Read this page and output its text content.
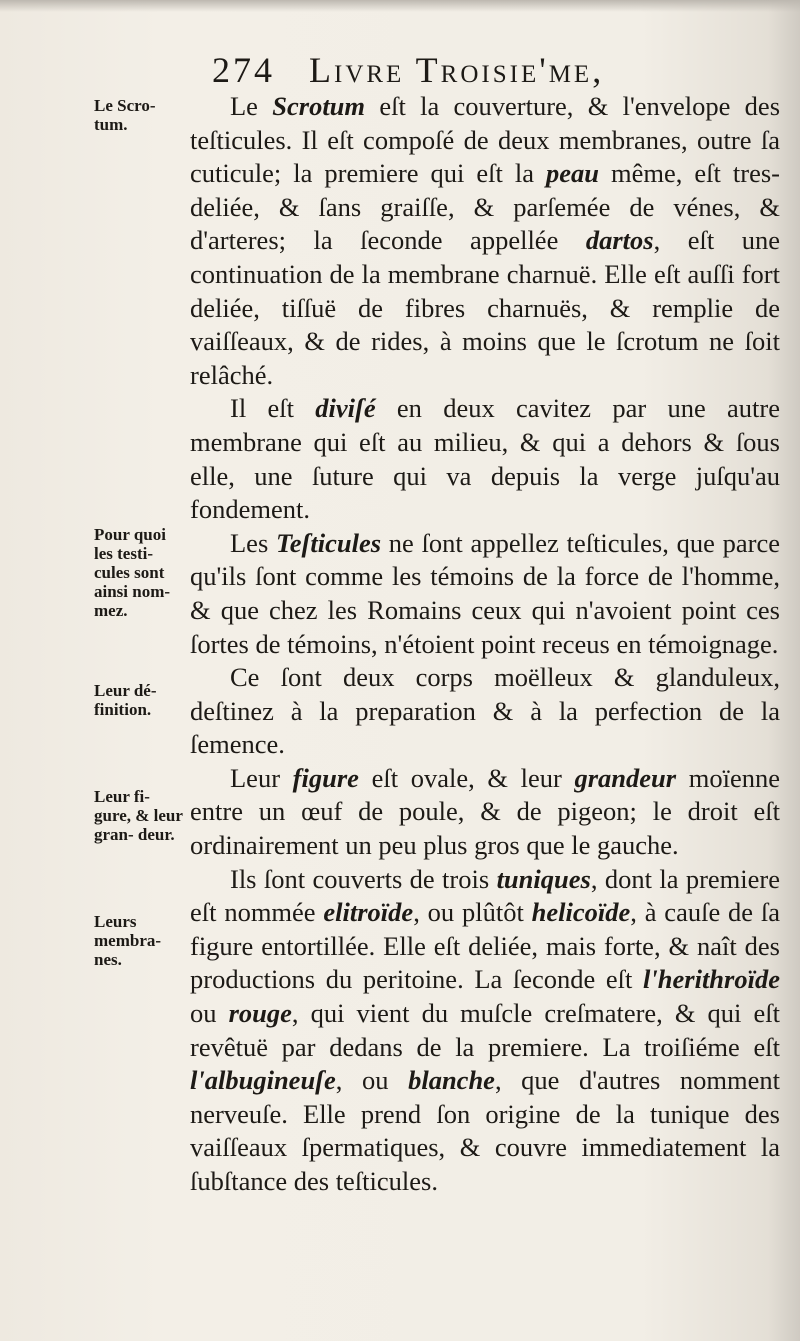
274 Livre Troisie'me,
Le Scro- tum.
Pour quoi les testi- cules sont ainsi nom- mez.
Leur dé- finition.
Leur fi- gure, & leur gran- deur.
Leurs membra- nes.

Le Scrotum eſt la couverture, & l'envelope des teſticules. Il eſt compoſé de deux membranes, outre ſa cuticule; la premiere qui eſt la peau même, eſt tres-deliée, & ſans graiſſe, & parſemée de vénes, & d'arteres; la ſeconde appellée dartos, eſt une continuation de la membrane charnuë. Elle eſt auſſi fort deliée, tiſſuë de fibres charnuës, & remplie de vaiſſeaux, & de rides, à moins que le ſcrotum ne ſoit relâché.

Il eſt diviſé en deux cavitez par une autre membrane qui eſt au milieu, & qui a dehors & ſous elle, une ſuture qui va depuis la verge juſqu'au fondement.

Les Teſticules ne ſont appellez teſticules, que parce qu'ils ſont comme les témoins de la force de l'homme, & que chez les Romains ceux qui n'avoient point ces ſortes de témoins, n'étoient point receus en témoignage.

Ce ſont deux corps moëlleux & glanduleux, deſtinez à la preparation & à la perfection de la ſemence.

Leur figure eſt ovale, & leur grandeur moïenne entre un œuf de poule, & de pigeon; le droit eſt ordinairement un peu plus gros que le gauche.

Ils ſont couverts de trois tuniques, dont la premiere eſt nommée elitroïde, ou plûtôt helicoïde, à cauſe de ſa figure entortillée. Elle eſt deliée, mais forte, & naît des productions du peritoine. La ſeconde eſt l'herithroïde ou rouge, qui vient du muſcle creſmatere, & qui eſt revêtuë par dedans de la premiere. La troiſiéme eſt l'albugineuſe, ou blanche, que d'autres nomment nerveuſe. Elle prend ſon origine de la tunique des vaiſſeaux ſpermatiques, & couvre immediatement la ſubſtance des teſticules.
